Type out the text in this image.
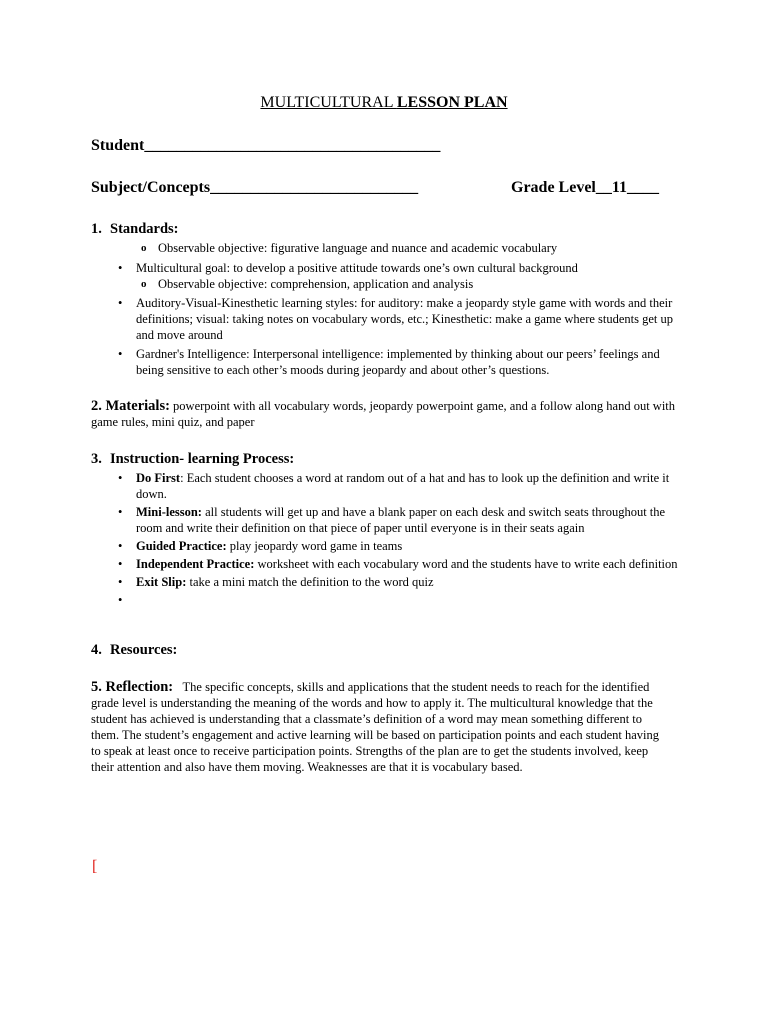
MULTICULTURAL LESSON PLAN
Student_____________________________________
Subject/Concepts__________________________	Grade Level__11____
1. Standards:
o Observable objective: figurative language and nuance and academic vocabulary
• Multicultural goal: to develop a positive attitude towards one’s own cultural background
o Observable objective: comprehension, application and analysis
• Auditory-Visual-Kinesthetic learning styles: for auditory: make a jeopardy style game with words and their definitions; visual: taking notes on vocabulary words, etc.; Kinesthetic: make a game where students get up and move around
• Gardner's Intelligence: Interpersonal intelligence: implemented by thinking about our peers’ feelings and being sensitive to each other’s moods during jeopardy and about other’s questions.
2. Materials: powerpoint with all vocabulary words, jeopardy powerpoint game, and a follow along hand out with game rules, mini quiz, and paper
3. Instruction- learning Process:
• Do First: Each student chooses a word at random out of a hat and has to look up the definition and write it down.
• Mini-lesson: all students will get up and have a blank paper on each desk and switch seats throughout the room and write their definition on that piece of paper until everyone is in their seats again
• Guided Practice: play jeopardy word game in teams
• Independent Practice: worksheet with each vocabulary word and the students have to write each definition
• Exit Slip: take a mini match the definition to the word quiz
•
4. Resources:
5. Reflection: The specific concepts, skills and applications that the student needs to reach for the identified grade level is understanding the meaning of the words and how to apply it. The multicultural knowledge that the student has achieved is understanding that a classmate’s definition of a word may mean something different to them. The student’s engagement and active learning will be based on participation points and each student having to speak at least once to receive participation points. Strengths of the plan are to get the students involved, keep their attention and also have them moving. Weaknesses are that it is vocabulary based.
[
